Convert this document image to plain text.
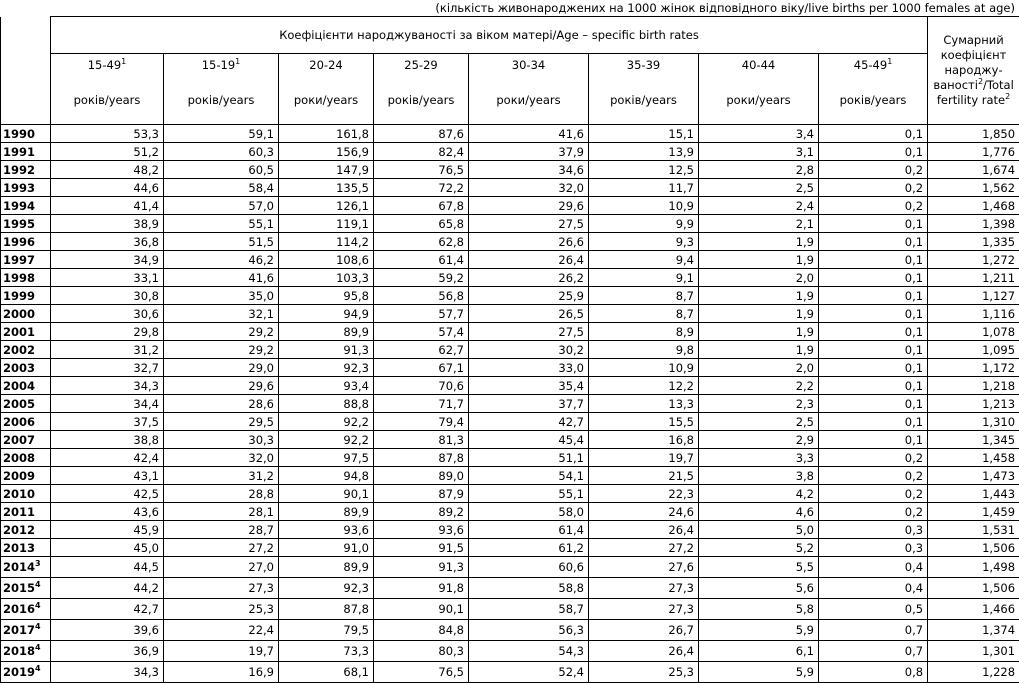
(кількість живонароджених на 1000 жінок відповідного віку/live births per 1000 females at age)
	Коефіцієнти народжуваності за віком матері/Age – specific birth rates								Сумарний коефіцієнт народжу- ваності$^2$/Total fertility rate$^2$
	$15-49^1$	$15-19^1$	20-24	25-29	30-34	35-39	40-44	$45-49^1$
	років/years	років/years	роки/years	років/years	роки/years	років/years	роки/years	років/years	
1990	53,3	59,1	161,8	87,6	41,6	15,1	3,4	0,1	1,850
1991	51,2	60,3	156,9	82,4	37,9	13,9	3,1	0,1	1,776
1992	48,2	60,5	147,9	76,5	34,6	12,5	2,8	0,2	1,674
1993	44,6	58,4	135,5	72,2	32,0	11,7	2,5	0,2	1,562
1994	41,4	57,0	126,1	67,8	29,6	10,9	2,4	0,2	1,468
1995	38,9	55,1	119,1	65,8	27,5	9,9	2,1	0,1	1,398
1996	36,8	51,5	114,2	62,8	26,6	9,3	1,9	0,1	1,335
1997	34,9	46,2	108,6	61,4	26,4	9,4	1,9	0,1	1,272
1998	33,1	41,6	103,3	59,2	26,2	9,1	2,0	0,1	1,211
1999	30,8	35,0	95,8	56,8	25,9	8,7	1,9	0,1	1,127
2000	30,6	32,1	94,9	57,7	26,5	8,7	1,9	0,1	1,116
2001	29,8	29,2	89,9	57,4	27,5	8,9	1,9	0,1	1,078
2002	31,2	29,2	91,3	62,7	30,2	9,8	1,9	0,1	1,095
2003	32,7	29,0	92,3	67,1	33,0	10,9	2,0	0,1	1,172
2004	34,3	29,6	93,4	70,6	35,4	12,2	2,2	0,1	1,218
2005	34,4	28,6	88,8	71,7	37,7	13,3	2,3	0,1	1,213
2006	37,5	29,5	92,2	79,4	42,7	15,5	2,5	0,1	1,310
2007	38,8	30,3	92,2	81,3	45,4	16,8	2,9	0,1	1,345
2008	42,4	32,0	97,5	87,8	51,1	19,7	3,3	0,2	1,458
2009	43,1	31,2	94,8	89,0	54,1	21,5	3,8	0,2	1,473
2010	42,5	28,8	90,1	87,9	55,1	22,3	4,2	0,2	1,443
2011	43,6	28,1	89,9	89,2	58,0	24,6	4,6	0,2	1,459
2012	45,9	28,7	93,6	93,6	61,4	26,4	5,0	0,3	1,531
2013	45,0	27,2	91,0	91,5	61,2	27,2	5,2	0,3	1,506
2014$^3$	44,5	27,0	89,9	91,3	60,6	27,6	5,5	0,4	1,498
2015$^4$	44,2	27,3	92,3	91,8	58,8	27,3	5,6	0,4	1,506
2016$^4$	42,7	25,3	87,8	90,1	58,7	27,3	5,8	0,5	1,466
2017$^4$	39,6	22,4	79,5	84,8	56,3	26,7	5,9	0,7	1,374
2018$^4$	36,9	19,7	73,3	80,3	54,3	26,4	6,1	0,7	1,301
2019$^4$	34,3	16,9	68,1	76,5	52,4	25,3	5,9	0,8	1,228
